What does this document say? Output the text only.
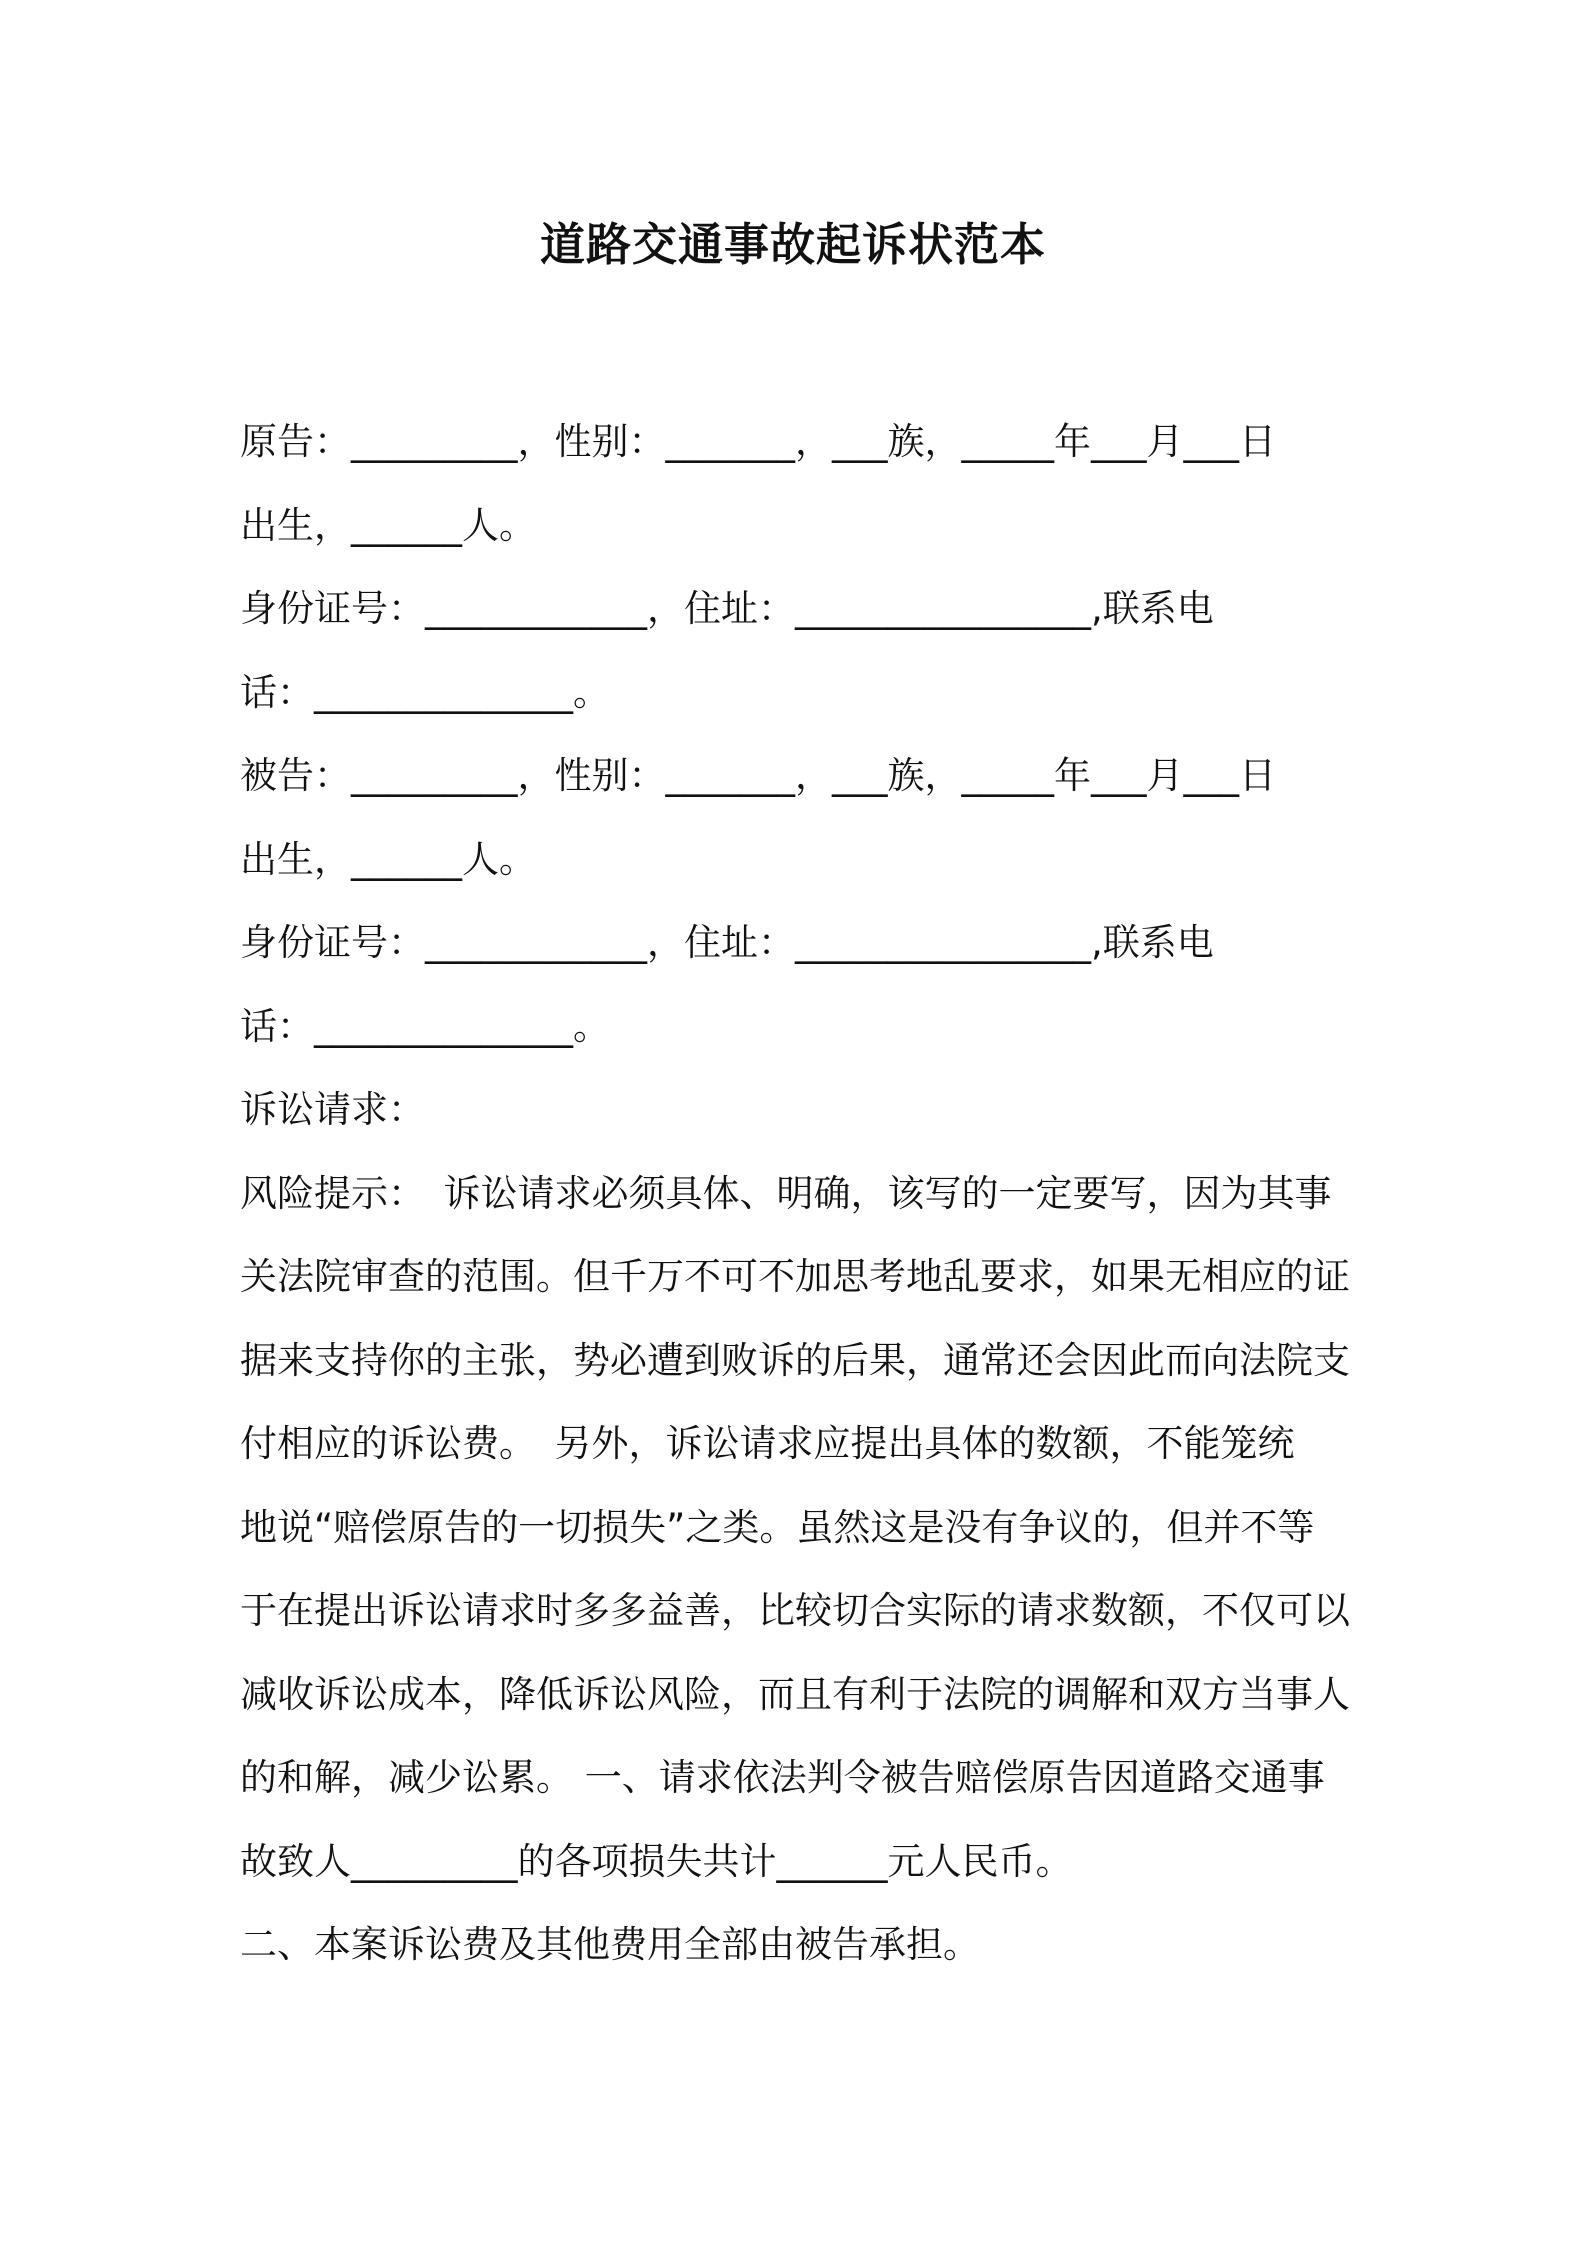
道路交通事故起诉状范本
原告：_________，性别：_______，___族，_____年___月___日
出生，______人。
身份证号：____________，住址：________________,联系电
话：______________。
被告：_________，性别：_______，___族，_____年___月___日
出生，______人。
身份证号：____________，住址：________________,联系电
话：______________。
诉讼请求：
风险提示：　诉讼请求必须具体、明确，该写的一定要写，因为其事
关法院审查的范围。但千万不可不加思考地乱要求，如果无相应的证
据来支持你的主张，势必遭到败诉的后果，通常还会因此而向法院支
付相应的诉讼费。　另外，诉讼请求应提出具体的数额，不能笼统
地说“赔偿原告的一切损失”之类。虽然这是没有争议的，但并不等
于在提出诉讼请求时多多益善，比较切合实际的请求数额，不仅可以
减收诉讼成本，降低诉讼风险，而且有利于法院的调解和双方当事人
的和解，减少讼累。 一、请求依法判令被告赔偿原告因道路交通事
故致人_________的各项损失共计______元人民币。
二、本案诉讼费及其他费用全部由被告承担。
